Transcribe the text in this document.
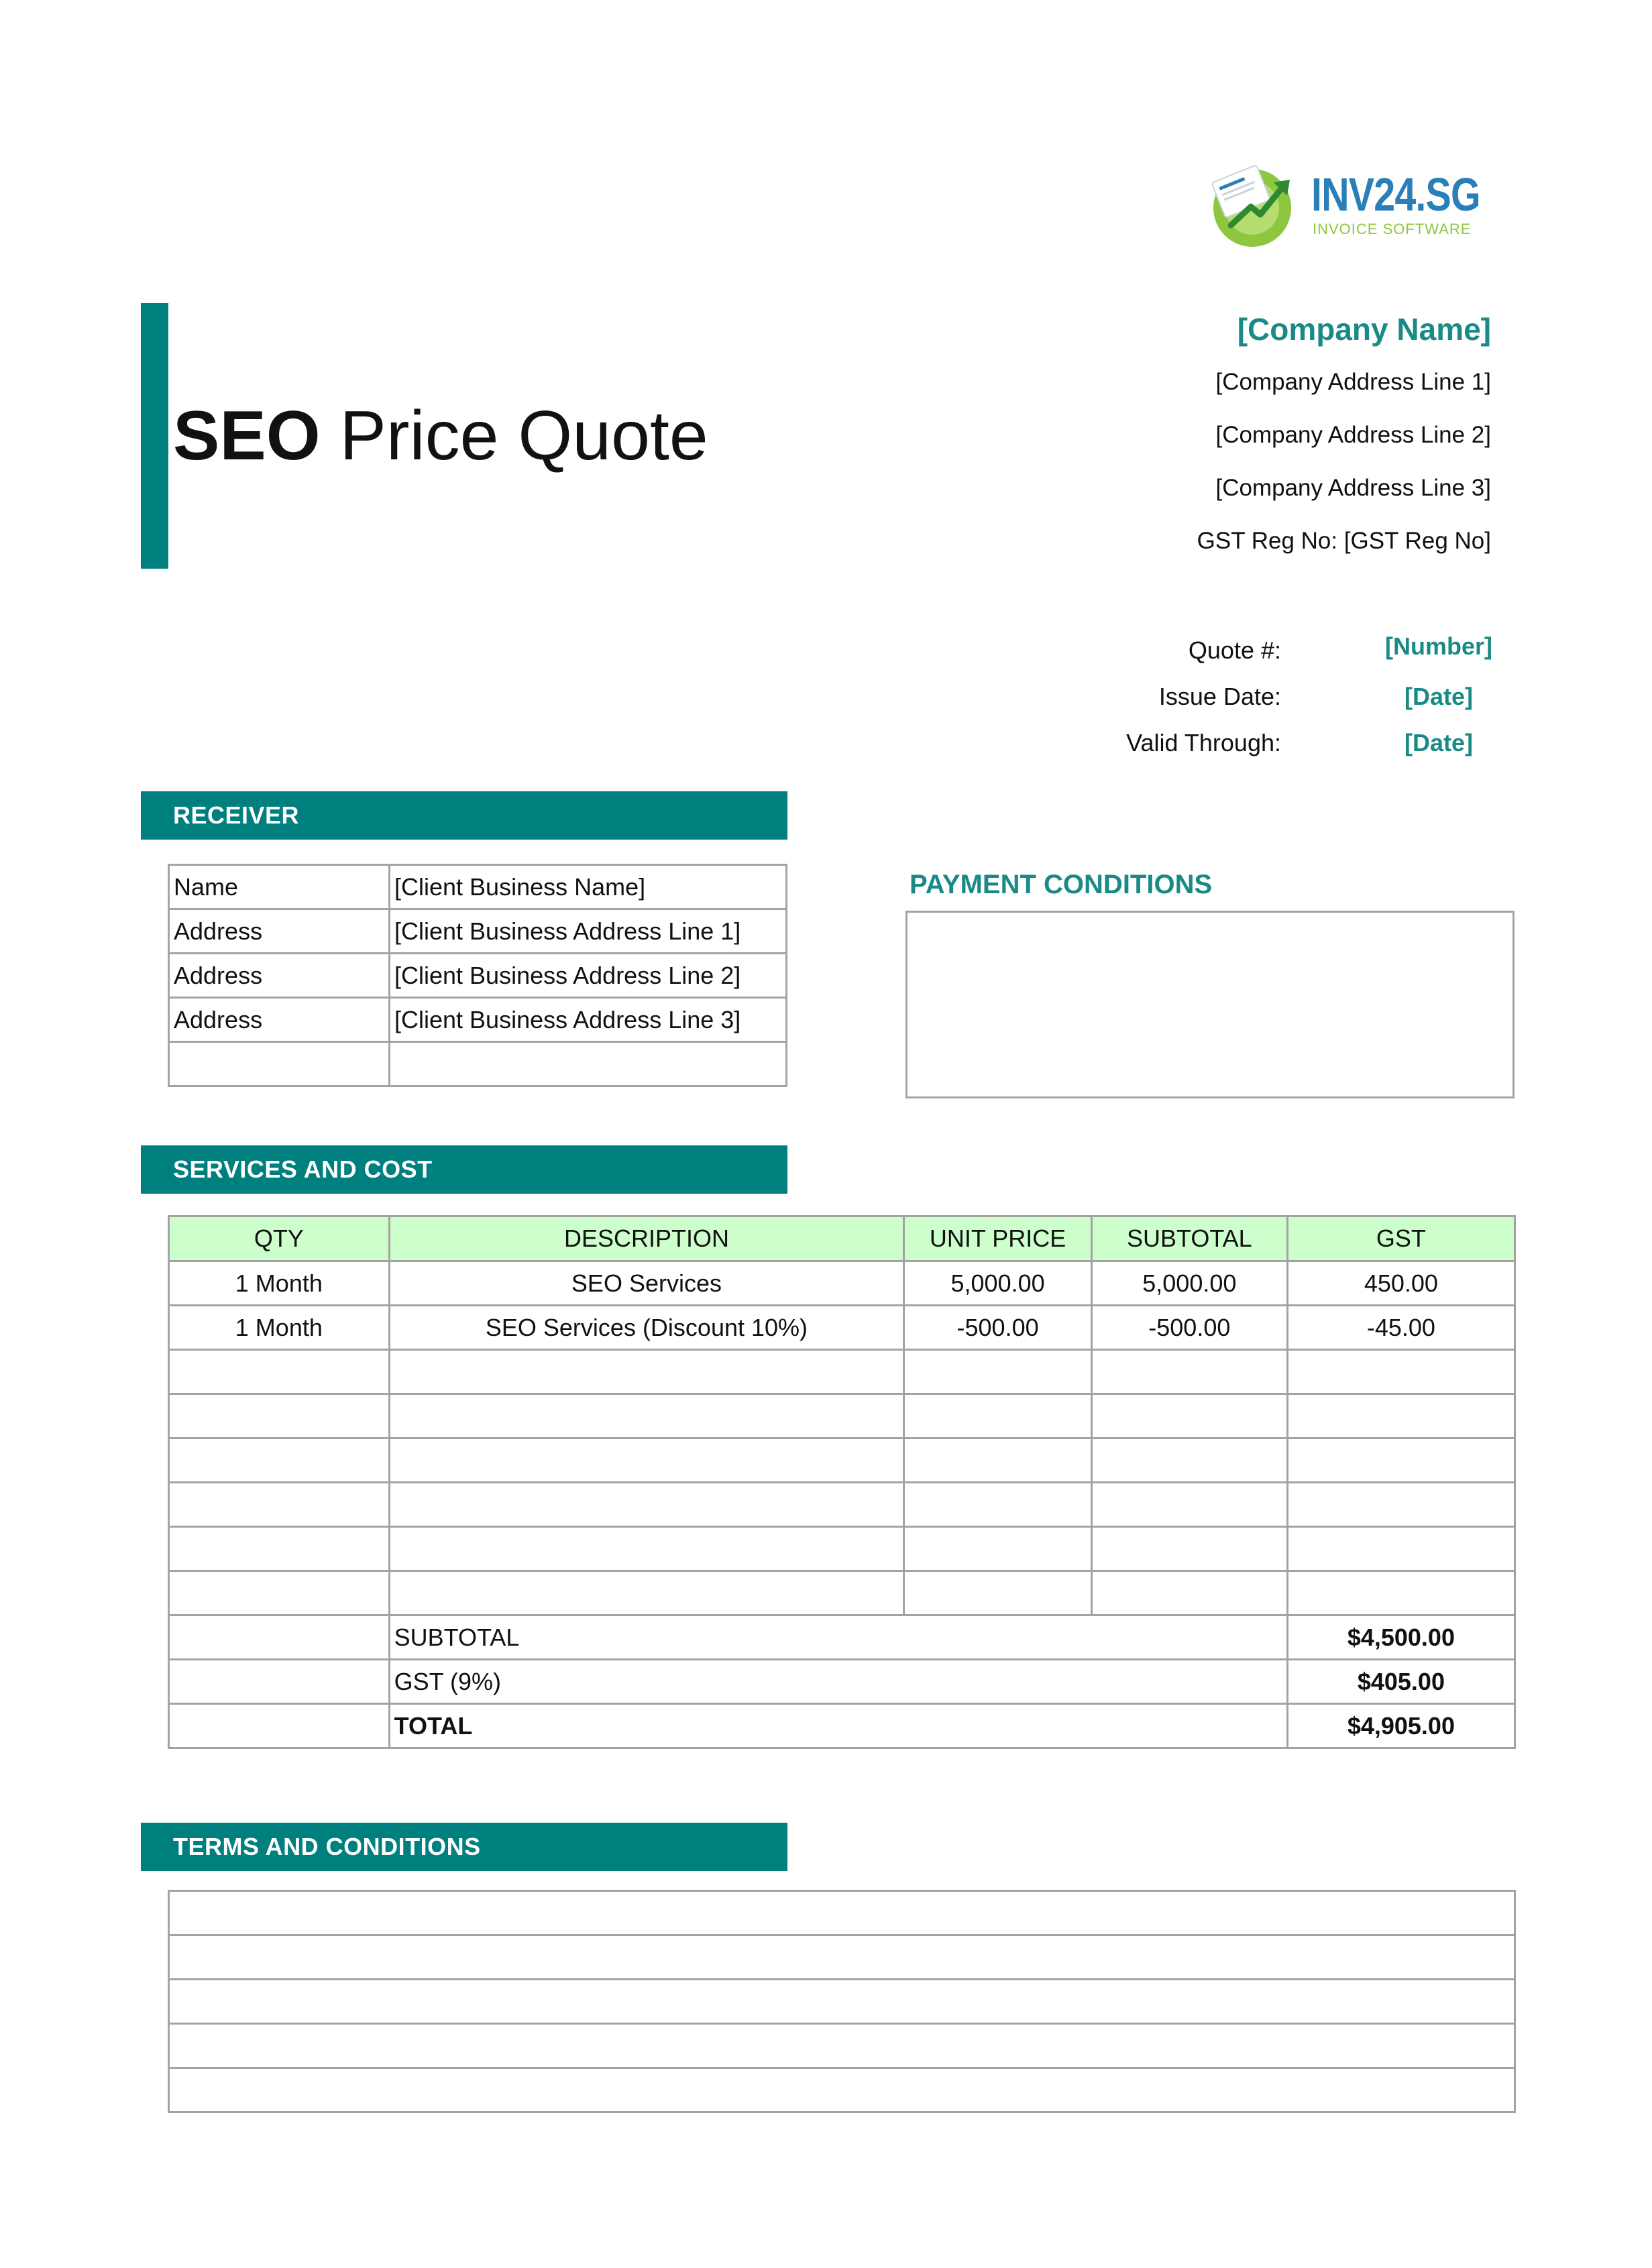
INV24.SG
INVOICE SOFTWARE
SEO Price Quote
[Company Name]
[Company Address Line 1]
[Company Address Line 2]
[Company Address Line 3]
GST Reg No: [GST Reg No]
Quote #:	[Number]
Issue Date:	[Date]
Valid Through:	[Date]
RECEIVER
Name	[Client Business Name]
Address	[Client Business Address Line 1]
Address	[Client Business Address Line 2]
Address	[Client Business Address Line 3]

PAYMENT CONDITIONS
SERVICES AND COST
QTY	DESCRIPTION	UNIT PRICE	SUBTOTAL	GST
1 Month	SEO Services	5,000.00	5,000.00	450.00
1 Month	SEO Services (Discount 10%)	-500.00	-500.00	-45.00

	SUBTOTAL			$4,500.00
	GST (9%)			$405.00
	TOTAL			$4,905.00
TERMS AND CONDITIONS
